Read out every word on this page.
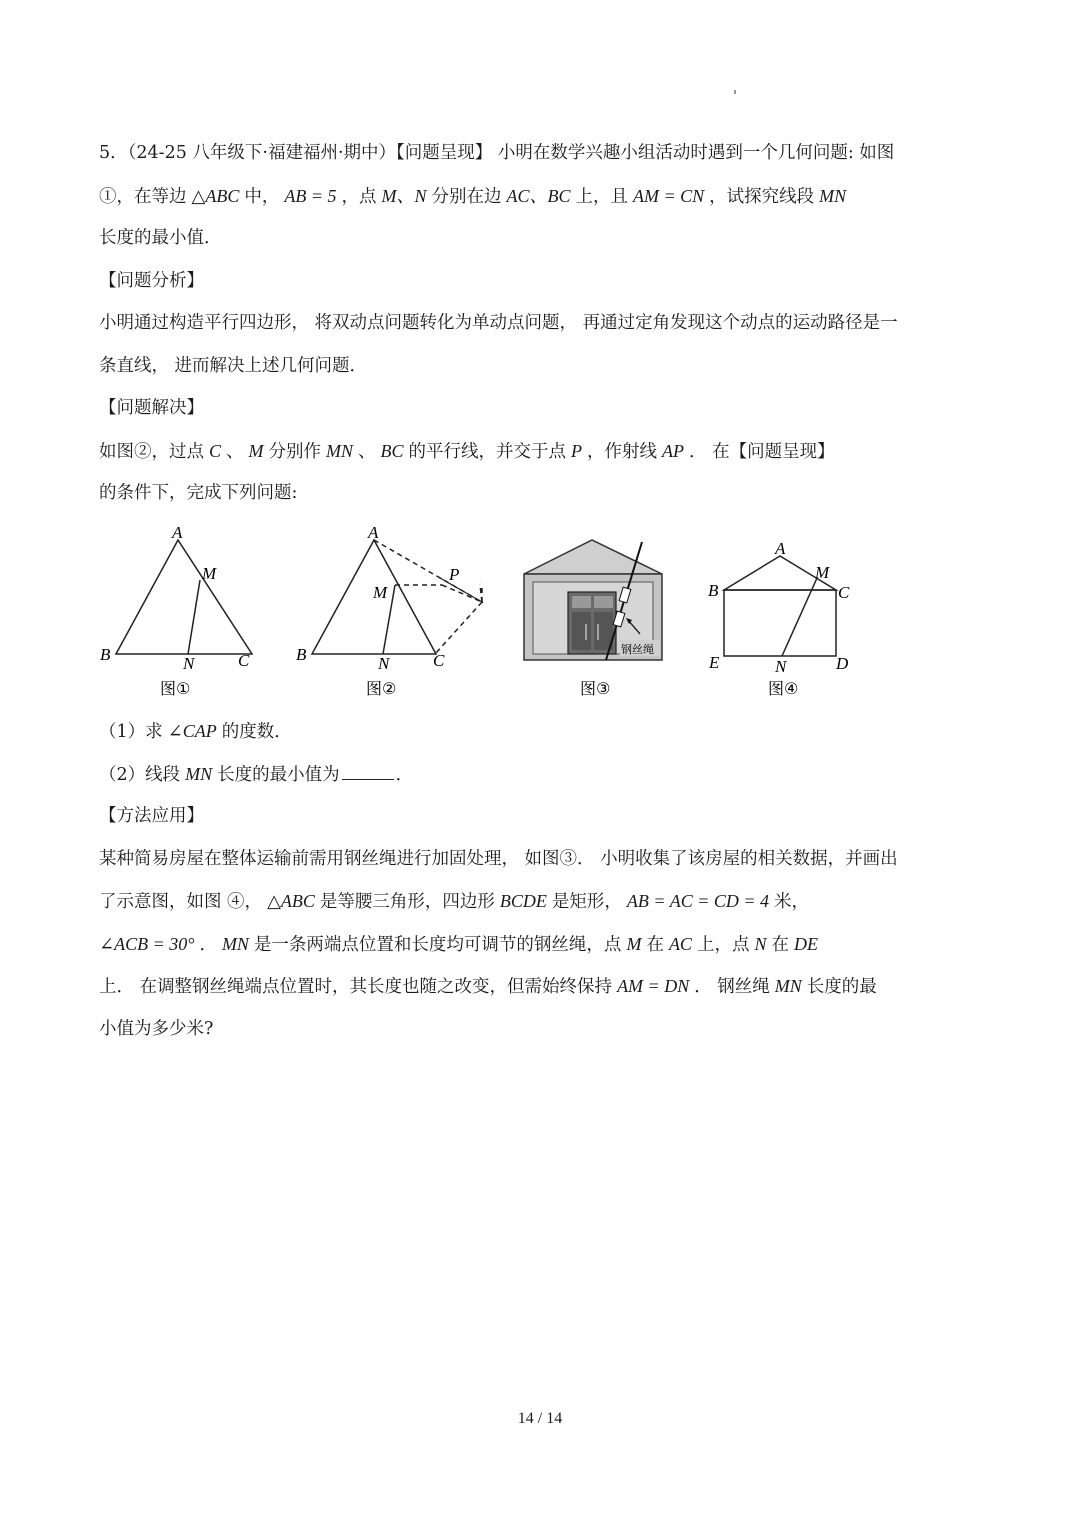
5．（24-25 八年级下·福建福州·期中）【问题呈现】 小明在数学兴趣小组活动时遇到一个几何问题: 如图
①，在等边 △ABC 中， AB = 5 ，点 M、N 分别在边 AC、BC 上，且 AM = CN ，试探究线段 MN
长度的最小值．
【问题分析】
小明通过构造平行四边形， 将双动点问题转化为单动点问题， 再通过定角发现这个动点的运动路径是一
条直线， 进而解决上述几何问题．
【问题解决】
如图②，过点 C 、 M 分别作 MN 、 BC 的平行线，并交于点 P ，作射线 AP ． 在【问题呈现】
的条件下，完成下列问题:
A
M
B	N	C
图①
A
M
P
B	N	C
图②
钢丝绳
图③
A
M
B	C
E	N	D
图④
（1）求 ∠CAP 的度数．
（2）线段 MN 长度的最小值为	．
【方法应用】
某种简易房屋在整体运输前需用钢丝绳进行加固处理， 如图③． 小明收集了该房屋的相关数据，并画出
了示意图，如图 ④， △ABC 是等腰三角形，四边形 BCDE 是矩形， AB = AC = CD = 4 米，
∠ACB = 30° ． MN 是一条两端点位置和长度均可调节的钢丝绳，点 M 在 AC 上，点 N 在 DE
上． 在调整钢丝绳端点位置时，其长度也随之改变，但需始终保持 AM = DN ． 钢丝绳 MN 长度的最
小值为多少米?
14 / 14
